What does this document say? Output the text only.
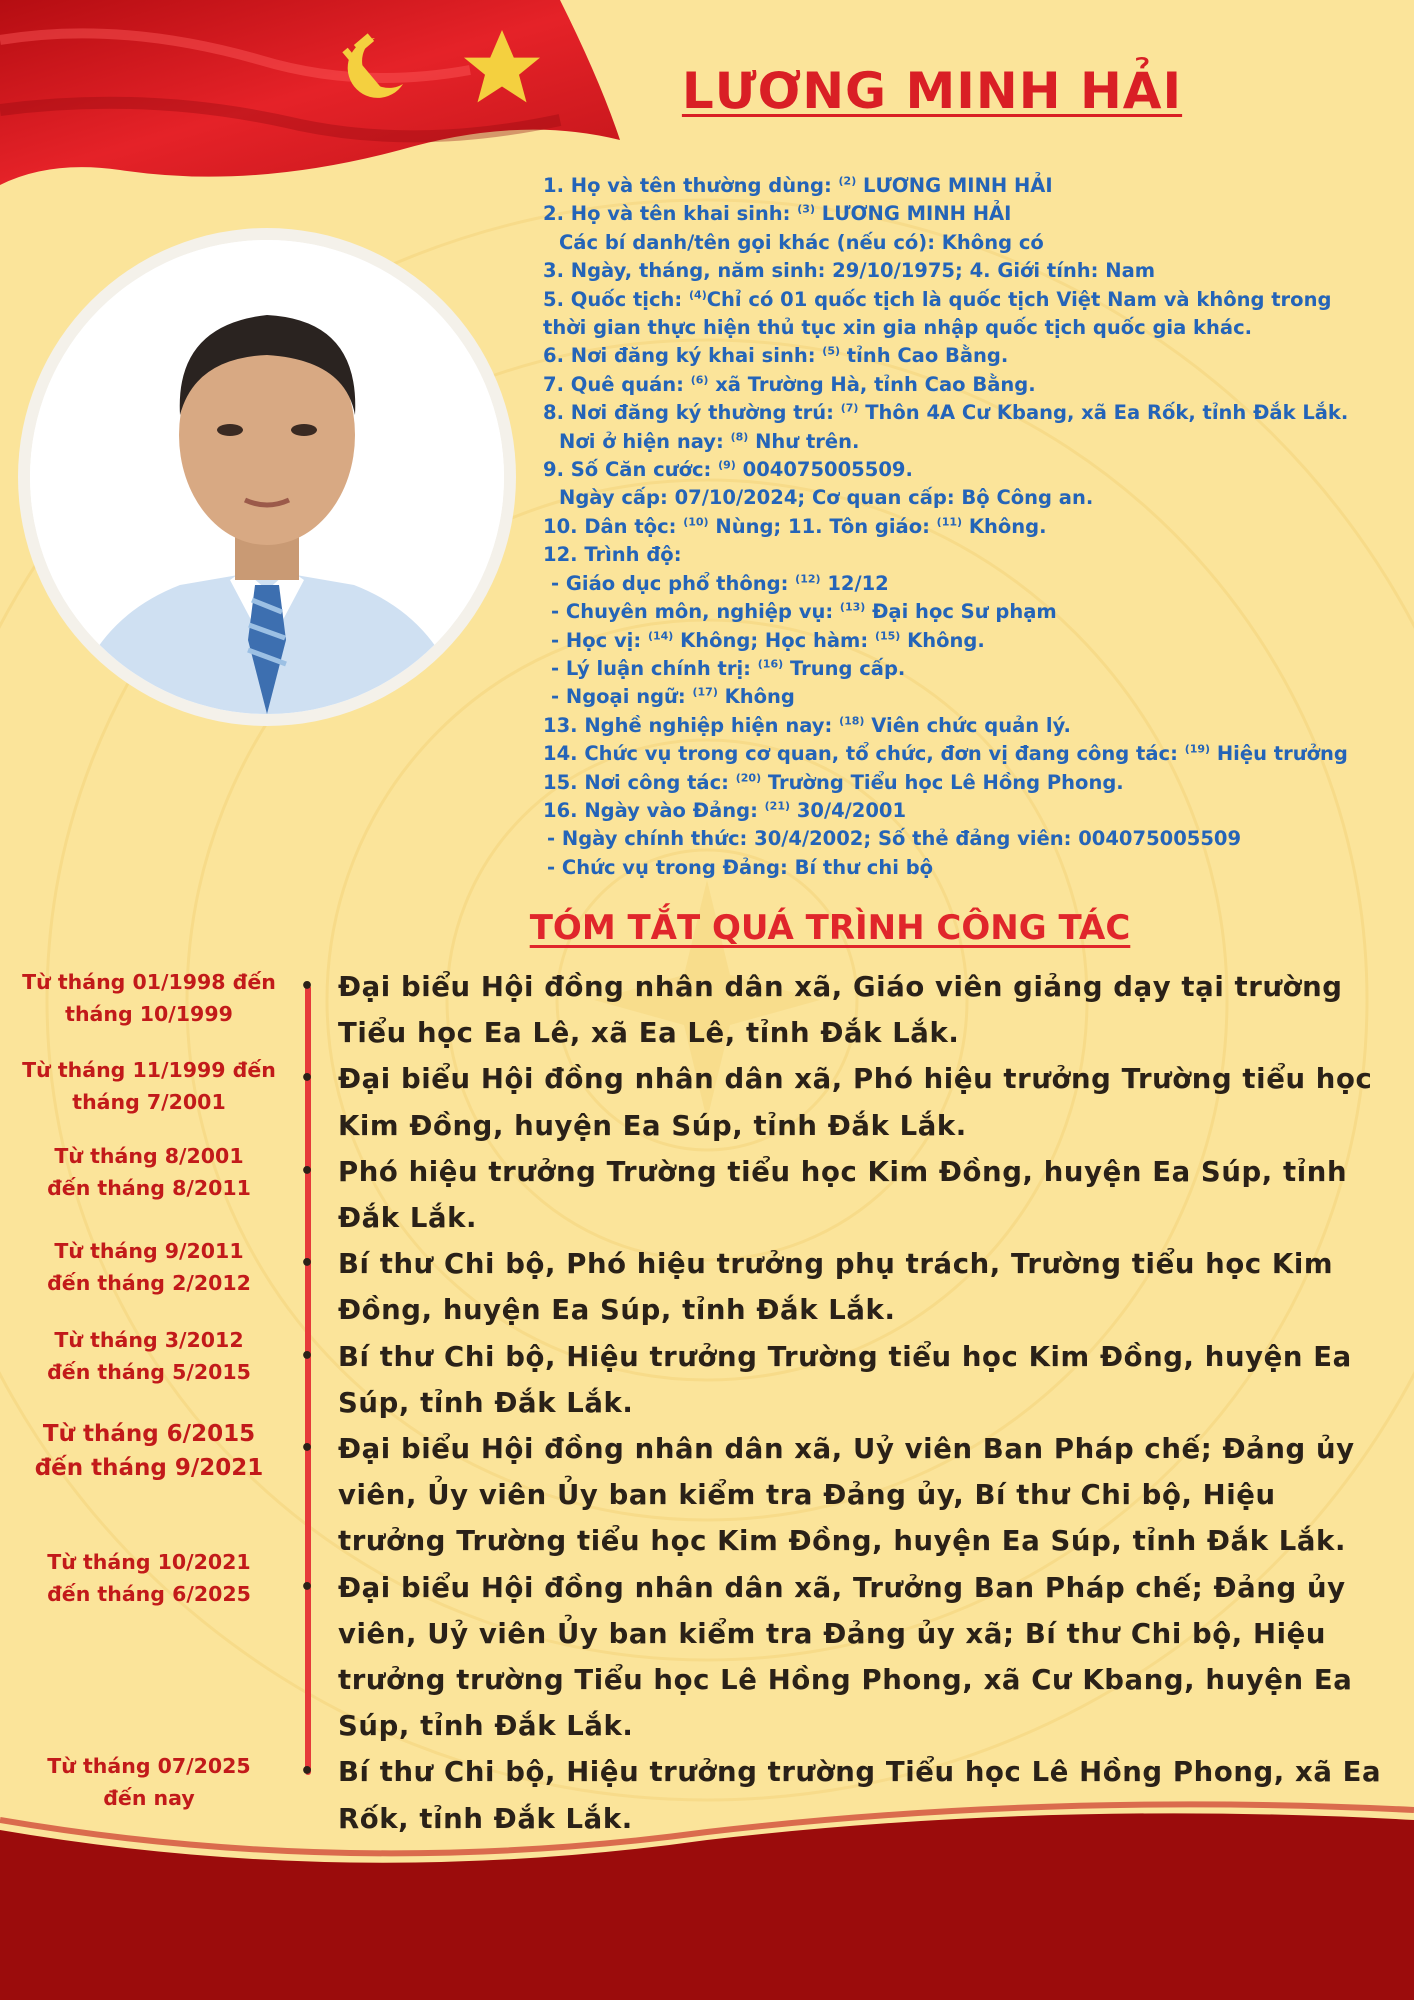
LƯƠNG MINH HẢI
1. Họ và tên thường dùng: $^{(2)}$ LƯƠNG MINH HẢI
2. Họ và tên khai sinh: $^{(3)}$ LƯƠNG MINH HẢI
Các bí danh/tên gọi khác (nếu có): Không có
3. Ngày, tháng, năm sinh: 29/10/1975; 4. Giới tính: Nam
5. Quốc tịch: $^{(4)}$Chỉ có 01 quốc tịch là quốc tịch Việt Nam và không trong thời gian thực hiện thủ tục xin gia nhập quốc tịch quốc gia khác.
6. Nơi đăng ký khai sinh: $^{(5)}$ tỉnh Cao Bằng.
7. Quê quán: $^{(6)}$ xã Trường Hà, tỉnh Cao Bằng.
8. Nơi đăng ký thường trú: $^{(7)}$ Thôn 4A Cư Kbang, xã Ea Rốk, tỉnh Đắk Lắk.
Nơi ở hiện nay: $^{(8)}$ Như trên.
9. Số Căn cước: $^{(9)}$ 004075005509.
Ngày cấp: 07/10/2024; Cơ quan cấp: Bộ Công an.
10. Dân tộc: $^{(10)}$ Nùng; 11. Tôn giáo: $^{(11)}$ Không.
12. Trình độ:
- Giáo dục phổ thông: $^{(12)}$ 12/12
- Chuyên môn, nghiệp vụ: $^{(13)}$ Đại học Sư phạm
- Học vị: $^{(14)}$ Không; Học hàm: $^{(15)}$ Không.
- Lý luận chính trị: $^{(16)}$ Trung cấp.
- Ngoại ngữ: $^{(17)}$ Không
13. Nghề nghiệp hiện nay: $^{(18)}$ Viên chức quản lý.
14. Chức vụ trong cơ quan, tổ chức, đơn vị đang công tác: $^{(19)}$ Hiệu trưởng
15. Nơi công tác: $^{(20)}$ Trường Tiểu học Lê Hồng Phong.
16. Ngày vào Đảng: $^{(21)}$ 30/4/2001
- Ngày chính thức: 30/4/2002; Số thẻ đảng viên: 004075005509
- Chức vụ trong Đảng: Bí thư chi bộ
TÓM TẮT QUÁ TRÌNH CÔNG TÁC
Từ tháng 01/1998 đến
tháng 10/1999
Từ tháng 11/1999 đến
tháng 7/2001
Từ tháng 8/2001
đến tháng 8/2011
Từ tháng 9/2011
đến tháng 2/2012
Từ tháng 3/2012
đến tháng 5/2015
Từ tháng 6/2015
đến tháng 9/2021
Từ tháng 10/2021
đến tháng 6/2025
Từ tháng 07/2025
đến nay
• Đại biểu Hội đồng nhân dân xã, Giáo viên giảng dạy tại trường Tiểu học Ea Lê, xã Ea Lê, tỉnh Đắk Lắk.
• Đại biểu Hội đồng nhân dân xã, Phó hiệu trưởng Trường tiểu học Kim Đồng, huyện Ea Súp, tỉnh Đắk Lắk.
• Phó hiệu trưởng Trường tiểu học Kim Đồng, huyện Ea Súp, tỉnh Đắk Lắk.
• Bí thư Chi bộ, Phó hiệu trưởng phụ trách, Trường tiểu học Kim Đồng, huyện Ea Súp, tỉnh Đắk Lắk.
• Bí thư Chi bộ, Hiệu trưởng Trường tiểu học Kim Đồng, huyện Ea Súp, tỉnh Đắk Lắk.
• Đại biểu Hội đồng nhân dân xã, Uỷ viên Ban Pháp chế; Đảng ủy viên, Ủy viên Ủy ban kiểm tra Đảng ủy, Bí thư Chi bộ, Hiệu trưởng Trường tiểu học Kim Đồng, huyện Ea Súp, tỉnh Đắk Lắk.
• Đại biểu Hội đồng nhân dân xã, Trưởng Ban Pháp chế; Đảng ủy viên, Uỷ viên Ủy ban kiểm tra Đảng ủy xã; Bí thư Chi bộ, Hiệu trưởng trường Tiểu học Lê Hồng Phong, xã Cư Kbang, huyện Ea Súp, tỉnh Đắk Lắk.
• Bí thư Chi bộ, Hiệu trưởng trường Tiểu học Lê Hồng Phong, xã Ea Rốk, tỉnh Đắk Lắk.
